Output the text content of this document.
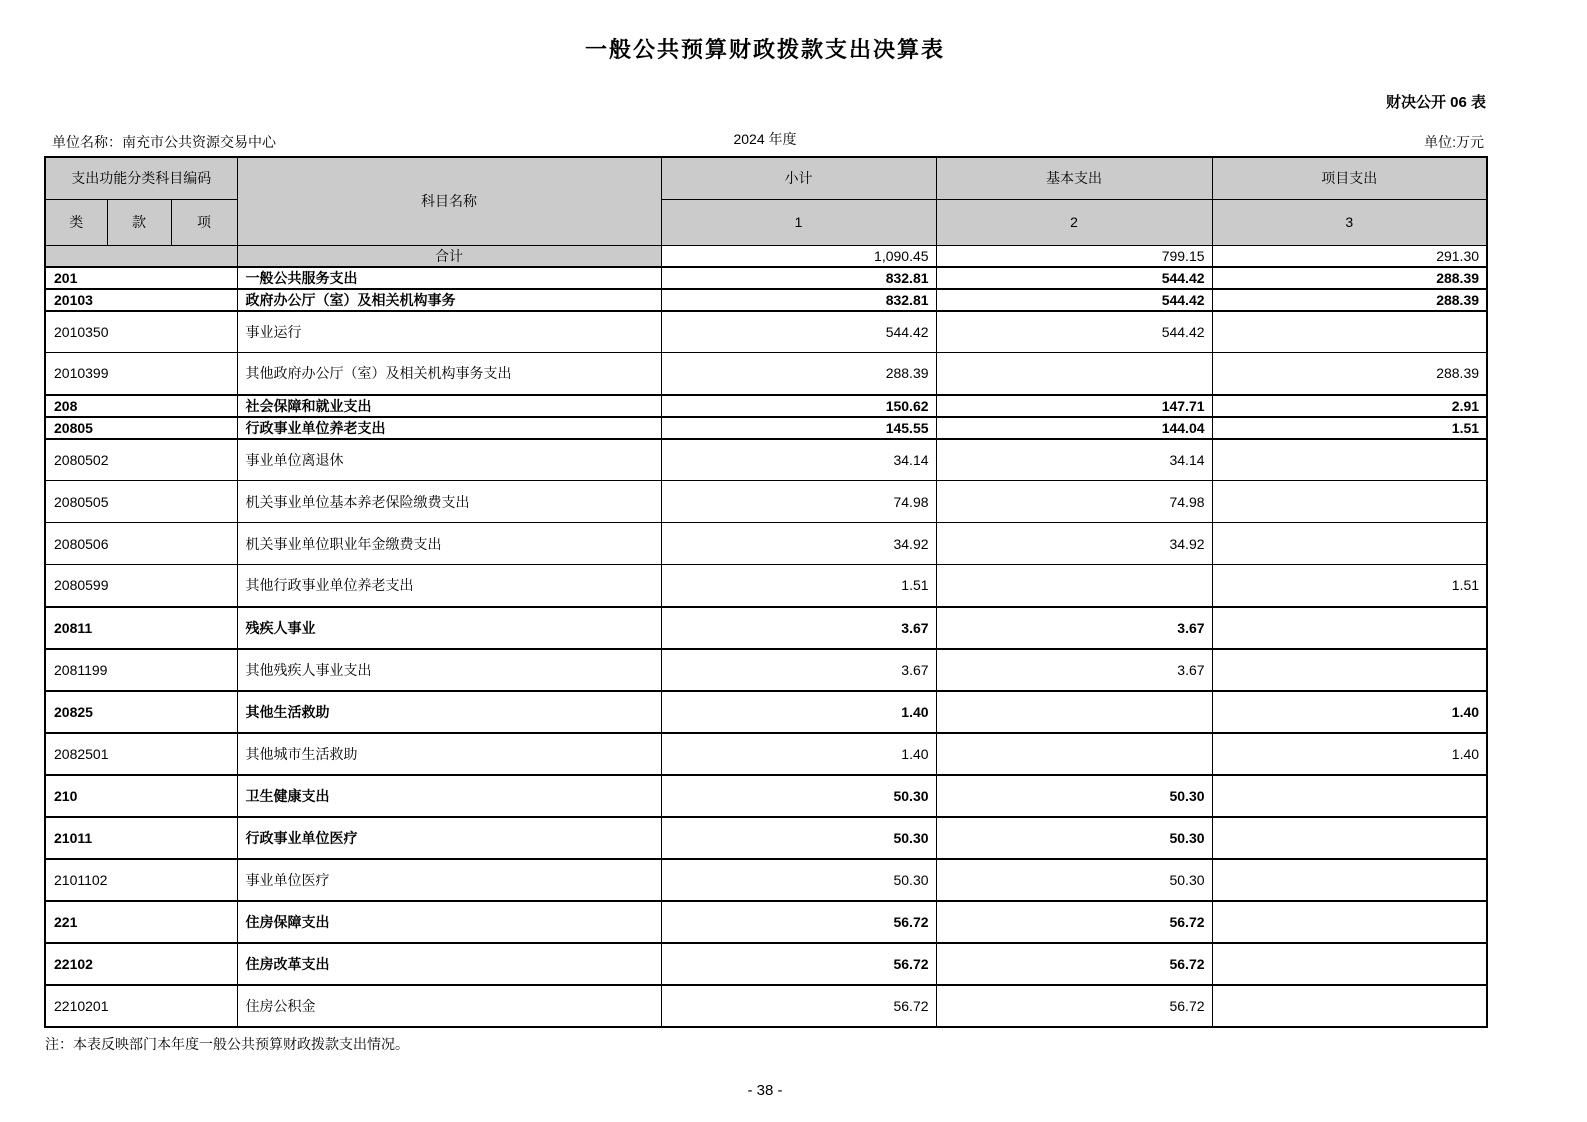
一般公共预算财政拨款支出决算表
财决公开 06 表
单位名称：南充市公共资源交易中心	2024 年度	单位:万元
支出功能分类科目编码			科目名称	小计	基本支出	项目支出
类	款	项		1	2	3
			合计	1,090.45	799.15	291.30
201			一般公共服务支出	832.81	544.42	288.39
20103			政府办公厅（室）及相关机构事务	832.81	544.42	288.39
2010350			事业运行	544.42	544.42	
2010399			其他政府办公厅（室）及相关机构事务支出	288.39		288.39
208			社会保障和就业支出	150.62	147.71	2.91
20805			行政事业单位养老支出	145.55	144.04	1.51
2080502			事业单位离退休	34.14	34.14	
2080505			机关事业单位基本养老保险缴费支出	74.98	74.98	
2080506			机关事业单位职业年金缴费支出	34.92	34.92	
2080599			其他行政事业单位养老支出	1.51		1.51
20811			残疾人事业	3.67	3.67	
2081199			其他残疾人事业支出	3.67	3.67	
20825			其他生活救助	1.40		1.40
2082501			其他城市生活救助	1.40		1.40
210			卫生健康支出	50.30	50.30	
21011			行政事业单位医疗	50.30	50.30	
2101102			事业单位医疗	50.30	50.30	
221			住房保障支出	56.72	56.72	
22102			住房改革支出	56.72	56.72	
2210201			住房公积金	56.72	56.72	
注：本表反映部门本年度一般公共预算财政拨款支出情况。
- 38 -
